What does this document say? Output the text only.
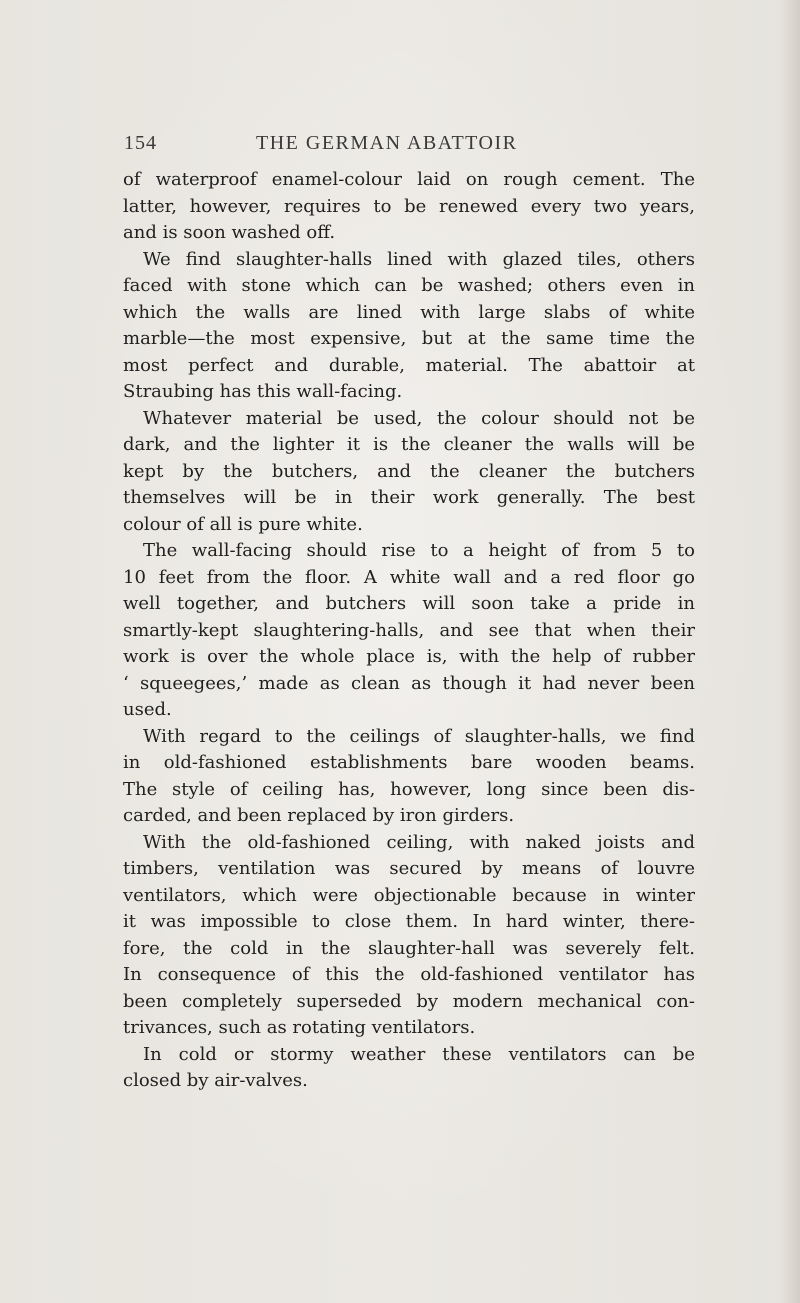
154	THE GERMAN ABATTOIR

of waterproof enamel-colour laid on rough cement. The

latter, however, requires to be renewed every two years,

and is soon washed off.

We find slaughter-halls lined with glazed tiles, others

faced with stone which can be washed; others even in

which the walls are lined with large slabs of white

marble—the most expensive, but at the same time the

most perfect and durable, material. The abattoir at

Straubing has this wall-facing.

Whatever material be used, the colour should not be

dark, and the lighter it is the cleaner the walls will be

kept by the butchers, and the cleaner the butchers

themselves will be in their work generally. The best

colour of all is pure white.

The wall-facing should rise to a height of from 5 to

10 feet from the floor. A white wall and a red floor go

well together, and butchers will soon take a pride in

smartly-kept slaughtering-halls, and see that when their

work is over the whole place is, with the help of rubber

‘ squeegees,’ made as clean as though it had never been

used.

With regard to the ceilings of slaughter-halls, we find

in old-fashioned establishments bare wooden beams.

The style of ceiling has, however, long since been dis-

carded, and been replaced by iron girders.

With the old-fashioned ceiling, with naked joists and

timbers, ventilation was secured by means of louvre

ventilators, which were objectionable because in winter

it was impossible to close them. In hard winter, there-

fore, the cold in the slaughter-hall was severely felt.

In consequence of this the old-fashioned ventilator has

been completely superseded by modern mechanical con-

trivances, such as rotating ventilators.

In cold or stormy weather these ventilators can be

closed by air-valves.
